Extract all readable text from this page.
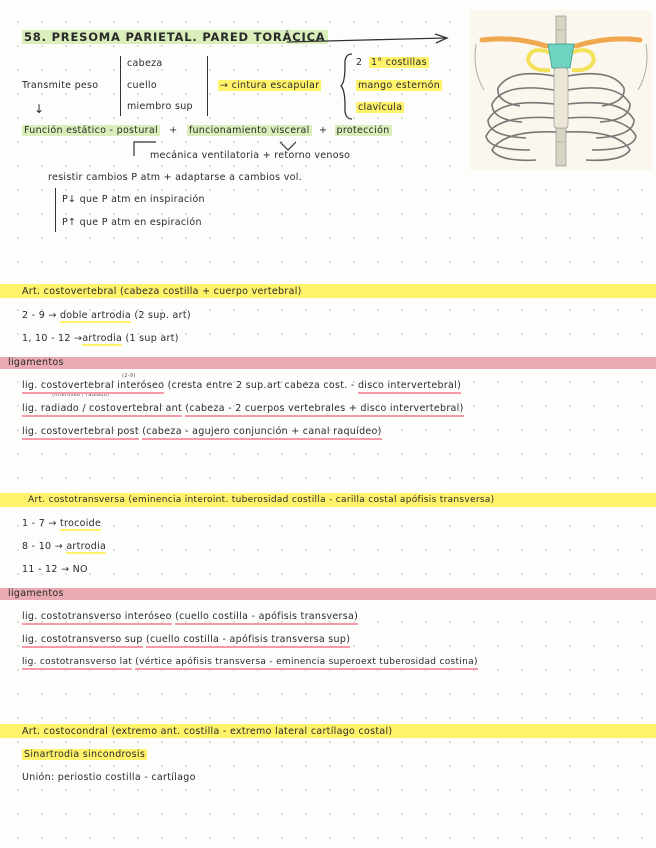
58. PRESOMA PARIETAL. PARED TORÁCICA
Transmite peso
↓
cabeza
cuello
miembro sup
→ cintura escapular
2 1° costillas
mango esternón
clavícula
Función estático - postural + funcionamiento visceral + protección
mecánica ventilatoria + retorno venoso
resistir cambios P atm + adaptarse a cambios vol.
P↓ que P atm en inspiración
P↑ que P atm en espiración
Art. costovertebral (cabeza costilla + cuerpo vertebral)
2 - 9 → doble artrodia (2 sup. art)
1, 10 - 12 →artrodia (1 sup art)
ligamentos
(2-9)
(interóseo / radiado)
lig. costovertebral interóseo (cresta entre 2 sup.art cabeza cost. - disco intervertebral)
lig. radiado / costovertebral ant (cabeza - 2 cuerpos vertebrales + disco intervertebral)
lig. costovertebral post (cabeza - agujero conjunción + canal raquídeo)
Art. costotransversa (eminencia interoint. tuberosidad costilla - carilla costal apófisis transversa)
1 - 7 → trocoide
8 - 10 → artrodia
11 - 12 → NO
ligamentos
lig. costotransverso interóseo (cuello costilla - apófisis transversa)
lig. costotransverso sup (cuello costilla - apófisis transversa sup)
lig. costotransverso lat (vértice apófisis transversa - eminencia superoext tuberosidad costina)
Art. costocondral (extremo ant. costilla - extremo lateral cartílago costal)
Sinartrodia sincondrosis
Unión: periostio costilla - cartílago
